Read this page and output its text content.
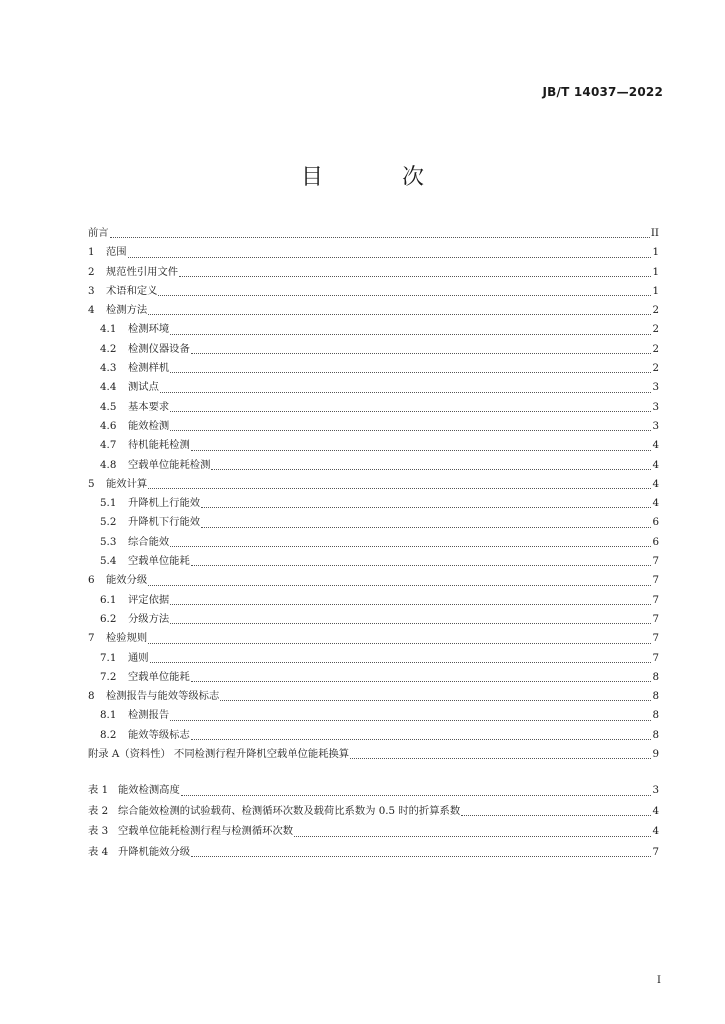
JB/T 14037—2022
目 次
前言	II
1	范围	1
2	规范性引用文件	1
3	术语和定义	1
4	检测方法	2
4.1	检测环境	2
4.2	检测仪器设备	2
4.3	检测样机	2
4.4	测试点	3
4.5	基本要求	3
4.6	能效检测	3
4.7	待机能耗检测	4
4.8	空载单位能耗检测	4
5	能效计算	4
5.1	升降机上行能效	4
5.2	升降机下行能效	6
5.3	综合能效	6
5.4	空载单位能耗	7
6	能效分级	7
6.1	评定依据	7
6.2	分级方法	7
7	检验规则	7
7.1	通则	7
7.2	空载单位能耗	8
8	检测报告与能效等级标志	8
8.1	检测报告	8
8.2	能效等级标志	8
附录 A（资料性） 不同检测行程升降机空载单位能耗换算	9
表 1 能效检测高度	3
表 2 综合能效检测的试验载荷、检测循环次数及载荷比系数为 0.5 时的折算系数	4
表 3 空载单位能耗检测行程与检测循环次数	4
表 4 升降机能效分级	7
I
